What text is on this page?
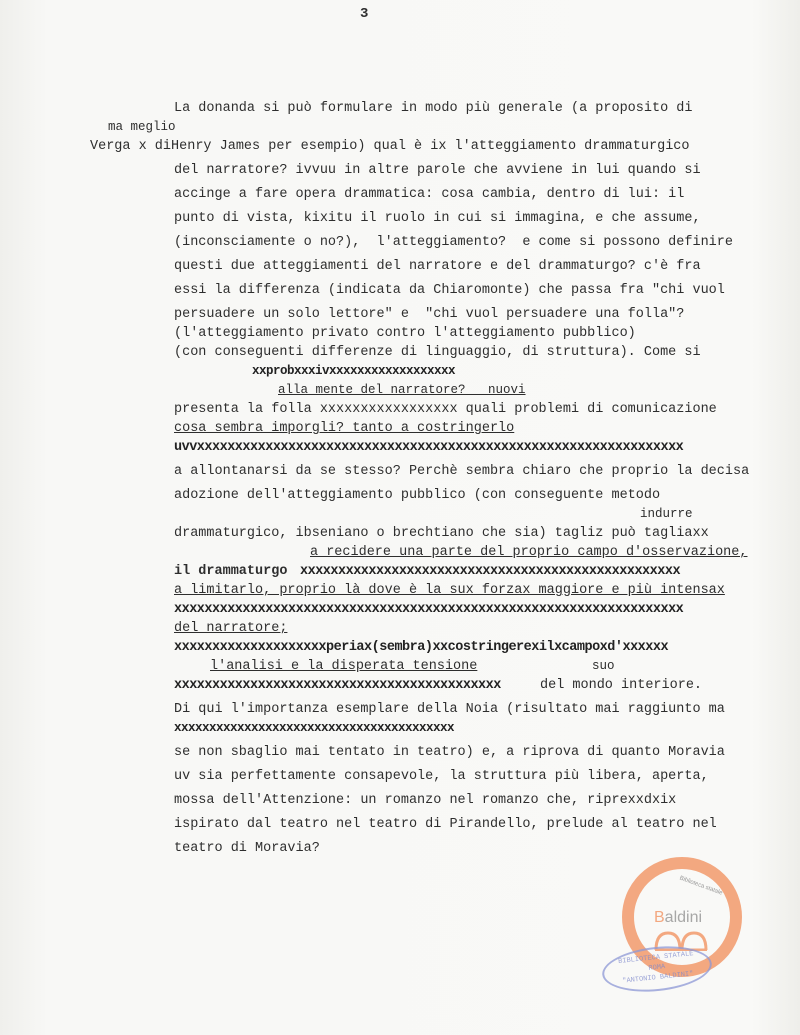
3
La donanda si può formulare in modo più generale (a proposito di
ma meglio
Verga x diHenry James per esempio) qual è ix l'atteggiamento drammaturgico
del narratore? ivvuu in altre parole che avviene in lui quando si
accinge a fare opera drammatica: cosa cambia, dentro di lui: il
punto di vista, kixitu il ruolo in cui si immagina, e che assume,
(inconsciamente o no?),  l'atteggiamento?  e come si possono definire
questi due atteggiamenti del narratore e del drammaturgo? c'è fra
essi la differenza (indicata da Chiaromonte) che passa fra "chi vuol
persuadere un solo lettore" e  "chi vuol persuadere una folla"?
(l'atteggiamento privato contro l'atteggiamento pubblico)
(con conseguenti differenze di linguaggio, di struttura). Come si
xxprobxxxivxxxxxxxxxxxxxxxxxx
alla mente del narratore?   nuovi
presenta la folla xxxxxxxxxxxxxxxxx quali problemi di comunicazione
cosa sembra imporgli? tanto a costringerlo
uvvxxxxxxxxxxxxxxxxxxxxxxxxxxxxxxxxxxxxxxxxxxxxxxxxxxxxxxxxxxxxxxxx
a allontanarsi da se stesso? Perchè sembra chiaro che proprio la decisa
adozione dell'atteggiamento pubblico (con conseguente metodo
indurre
drammaturgico, ibseniano o brechtiano che sia) tagliz può tagliaxx
a recidere una parte del proprio campo d'osservazione,
il drammaturgo xxxxxxxxxxxxxxxxxxxxxxxxxxxxxxxxxxxxxxxxxxxxxxxxxx
a limitarlo, proprio là dove è la sux forzax maggiore e più intensax
xxxxxxxxxxxxxxxxxxxxxxxxxxxxxxxxxxxxxxxxxxxxxxxxxxxxxxxxxxxxxxxxxxx
del narratore;
xxxxxxxxxxxxxxxxxxxxperiax(sembra)xxcostringerexilxcampoxd'xxxxxx
l'analisi e la disperata tensione	suo
xxxxxxxxxxxxxxxxxxxxxxxxxxxxxxxxxxxxxxxxxxx	del mondo interiore.
Di qui l'importanza esemplare della Noia (risultato mai raggiunto ma
xxxxxxxxxxxxxxxxxxxxxxxxxxxxxxxxxxxxxxxx
se non sbaglio mai tentato in teatro) e, a riprova di quanto Moravia
uv sia perfettamente consapevole, la struttura più libera, aperta,
mossa dell'Attenzione: un romanzo nel romanzo che, riprexxdxix
ispirato dal teatro nel teatro di Pirandello, prelude al teatro nel
teatro di Moravia?
Biblioteca statale
Baldini
BIBLIOTECA STATALE
ROMA
"ANTONIO BALDINI"
